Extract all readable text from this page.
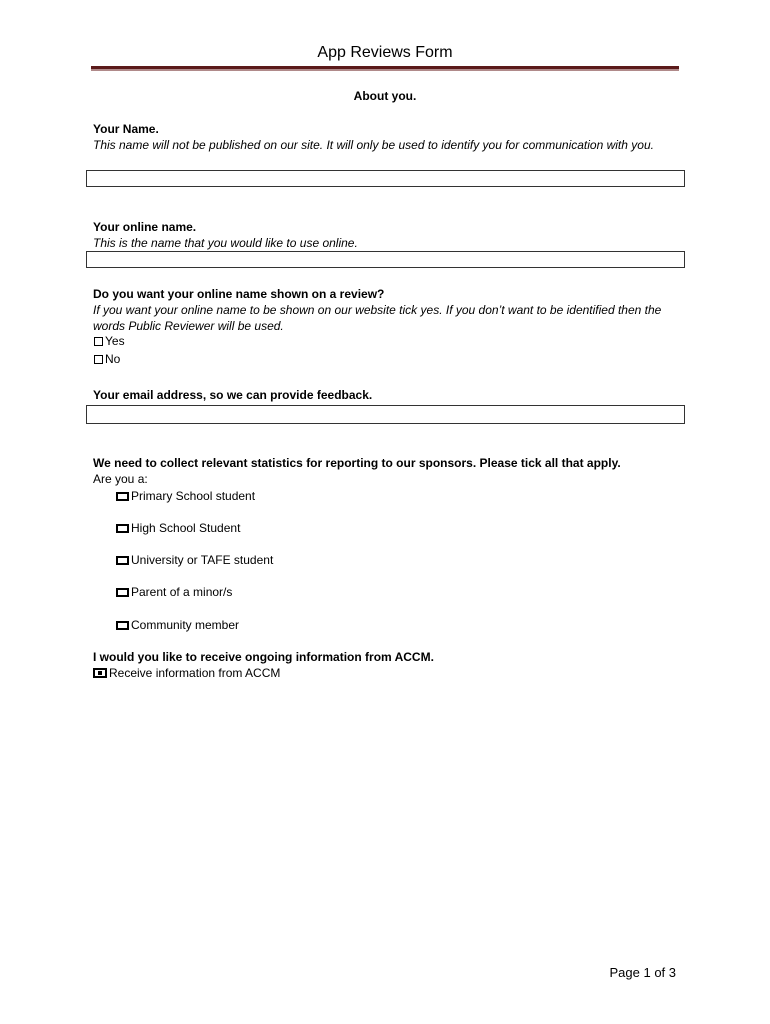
App Reviews Form
About you.
Your Name.
This name will not be published on our site. It will only be used to identify you for communication with you.
Your online name.
This is the name that you would like to use online.
Do you want your online name shown on a review?
If you want your online name to be shown on our website tick yes. If you don’t want to be identified then the words Public Reviewer will be used.
Yes
No
Your email address, so we can provide feedback.
We need to collect relevant statistics for reporting to our sponsors. Please tick all that apply.
Are you a:
Primary School student
High School Student
University or TAFE student
Parent of a minor/s
Community member
I would you like to receive ongoing information from ACCM.
Receive information from ACCM
Page 1 of 3
